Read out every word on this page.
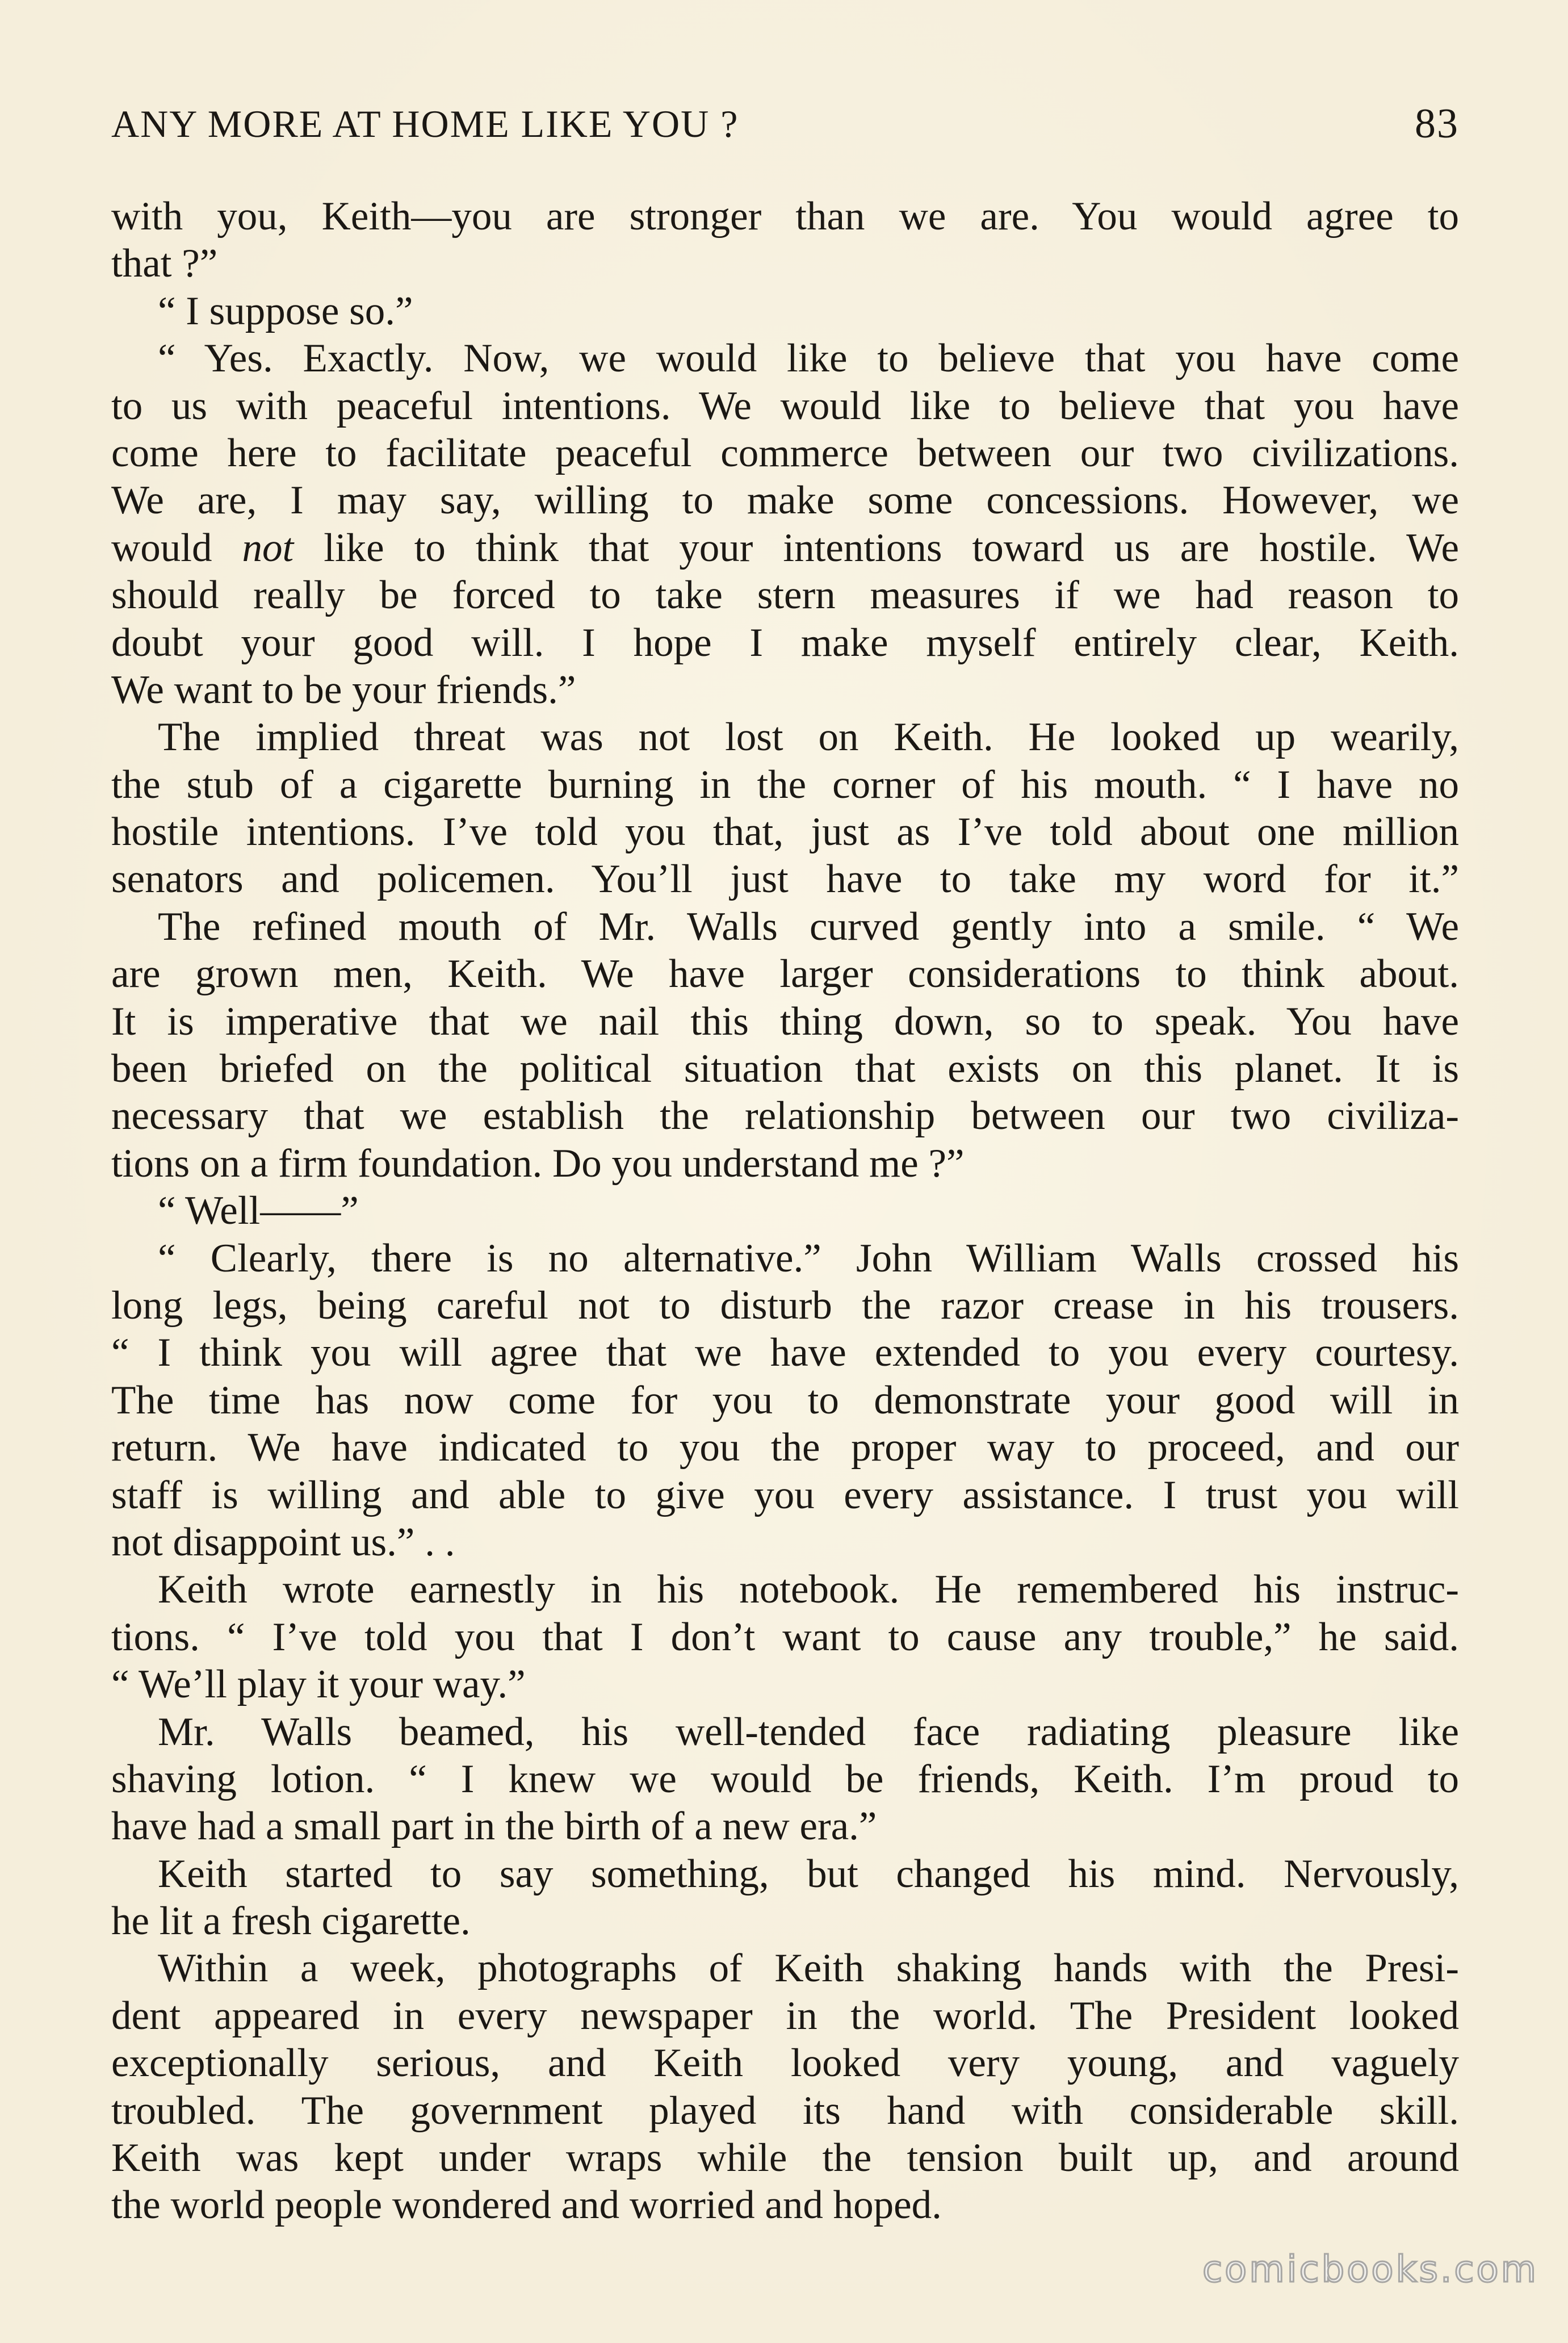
ANY MORE AT HOME LIKE YOU ?	83
with you, Keith—you are stronger than we are. You would agree to
that ?”
“ I suppose so.”
“ Yes. Exactly. Now, we would like to believe that you have come
to us with peaceful intentions. We would like to believe that you have
come here to facilitate peaceful commerce between our two civilizations.
We are, I may say, willing to make some concessions. However, we
would not like to think that your intentions toward us are hostile. We
should really be forced to take stern measures if we had reason to
doubt your good will. I hope I make myself entirely clear, Keith.
We want to be your friends.”
The implied threat was not lost on Keith. He looked up wearily,
the stub of a cigarette burning in the corner of his mouth. “ I have no
hostile intentions. I’ve told you that, just as I’ve told about one million
senators and policemen. You’ll just have to take my word for it.”
The refined mouth of Mr. Walls curved gently into a smile. “ We
are grown men, Keith. We have larger considerations to think about.
It is imperative that we nail this thing down, so to speak. You have
been briefed on the political situation that exists on this planet. It is
necessary that we establish the relationship between our two civiliza-
tions on a firm foundation. Do you understand me ?”
“ Well——”
“ Clearly, there is no alternative.” John William Walls crossed his
long legs, being careful not to disturb the razor crease in his trousers.
“ I think you will agree that we have extended to you every courtesy.
The time has now come for you to demonstrate your good will in
return. We have indicated to you the proper way to proceed, and our
staff is willing and able to give you every assistance. I trust you will
not disappoint us.” . .
Keith wrote earnestly in his notebook. He remembered his instruc-
tions. “ I’ve told you that I don’t want to cause any trouble,” he said.
“ We’ll play it your way.”
Mr. Walls beamed, his well-tended face radiating pleasure like
shaving lotion. “ I knew we would be friends, Keith. I’m proud to
have had a small part in the birth of a new era.”
Keith started to say something, but changed his mind. Nervously,
he lit a fresh cigarette.
Within a week, photographs of Keith shaking hands with the Presi-
dent appeared in every newspaper in the world. The President looked
exceptionally serious, and Keith looked very young, and vaguely
troubled. The government played its hand with considerable skill.
Keith was kept under wraps while the tension built up, and around
the world people wondered and worried and hoped.
comicbooks.com
